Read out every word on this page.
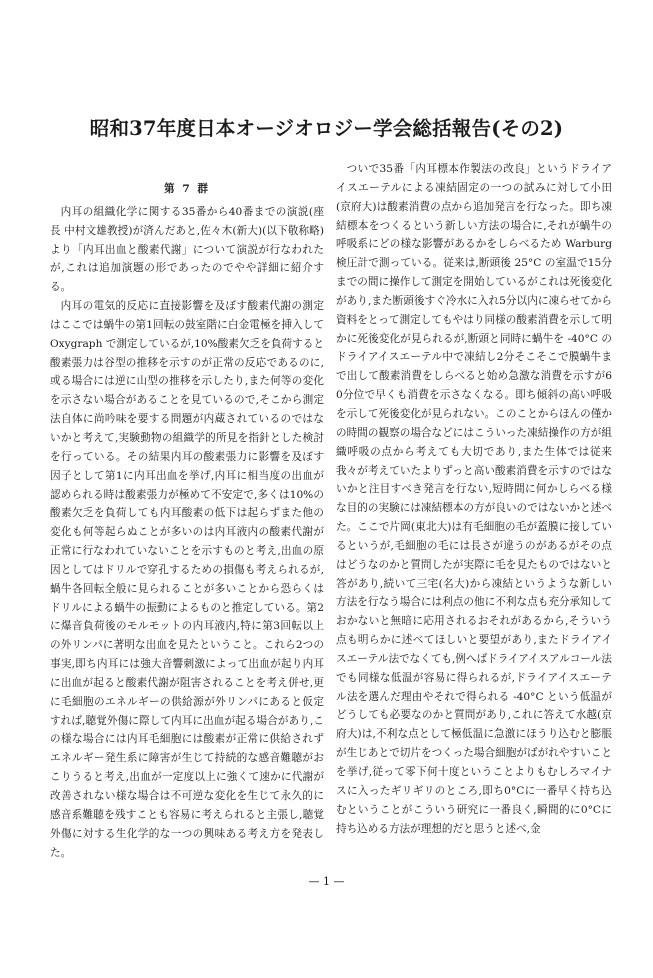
昭和37年度日本オージオロジー学会総括報告(その2)
第 7 群

内耳の組織化学に関する35番から40番までの演説(座長 中村文雄教授)が済んだあと,佐々木(新大)(以下敬称略)より「内耳出血と酸素代謝」について演説が行なわれたが,これは追加演題の形であったのでやや詳細に紹介する。

内耳の電気的反応に直接影響を及ぼす酸素代謝の測定はここでは蝸牛の第1回転の鼓室階に白金電極を挿入して Oxygraph で測定しているが,10%酸素欠乏を負荷すると酸素張力は谷型の推移を示すのが正常の反応であるのに,或る場合には逆に山型の推移を示したり,また何等の変化を示さない場合があることを見ているので,そこから測定法自体に尚吟味を要する問題が内蔵されているのではないかと考えて,実験動物の組織学的所見を指針とした検討を行っている。その結果内耳の酸素張力に影響を及ぼす因子として第1に内耳出血を挙げ,内耳に相当度の出血が認められる時は酸素張力が極めて不安定で,多くは10%の酸素欠乏を負荷しても内耳酸素の低下は起らずまた他の変化も何等起らぬことが多いのは内耳液内の酸素代謝が正常に行なわれていないことを示すものと考え,出血の原因としてはドリルで穿孔するための損傷も考えられるが,蝸牛各回転全般に見られることが多いことから恐らくはドリルによる蝸牛の振動によるものと推定している。第2に爆音負荷後のモルモットの内耳液内,特に第3回転以上の外リンパに著明な出血を見たということ。これら2つの事実,即ち内耳には強大音響刺激によって出血が起り内耳に出血が起ると酸素代謝が阻害されることを考え併せ,更に毛細胞のエネルギーの供給源が外リンパにあると仮定すれば,聴覚外傷に際して内耳に出血が起る場合があり,この様な場合には内耳毛細胞には酸素が正常に供給されずエネルギー発生系に障害が生じて持続的な感音難聴がおこりうると考え,出血が一定度以上に強くて速かに代謝が改善されない様な場合は不可逆な変化を生じて永久的に感音系難聴を残すことも容易に考えられると主張し,聴覚外傷に対する生化学的な一つの興味ある考え方を発表した。

ついで35番「内耳標本作製法の改良」というドライアイスエーテルによる凍結固定の一つの試みに対して小田(京府大)は酸素消費の点から追加発言を行なった。即ち凍結標本をつくるという新しい方法の場合に,それが蝸牛の呼吸系にどの様な影響があるかをしらべるため Warburg 検圧計で測っている。従来は,断頭後 25°C の室温で15分までの間に操作して測定を開始しているがこれは死後変化があり,また断頭後すぐ冷水に入れ5分以内に凍らせてから資料をとって測定してもやはり同様の酸素消費を示して明かに死後変化が見られるが,断頭と同時に蝸牛を -40°C のドライアイスエーテル中で凍結し2分そこそこで膜蝸牛まで出して酸素消費をしらべると始め急激な消費を示すが60分位で早くも消費を示さなくなる。即ち傾斜の高い呼吸を示して死後変化が見られない。このことからほんの僅かの時間の観察の場合などにはこういった凍結操作の方が組織呼吸の点から考えても大切であり,また生体では従来我々が考えていたよりずっと高い酸素消費を示すのではないかと注目すべき発言を行ない,短時間に何かしらべる様な目的の実験には凍結標本の方が良いのではないかと述べた。ここで片岡(東北大)は有毛細胞の毛が蓋膜に接しているというが,毛細胞の毛には長さが違うのがあるがその点はどうなのかと質問したが実際に毛を見たものではないと答があり,続いて三宅(名大)から凍結というような新しい方法を行なう場合には利点の他に不利な点も充分承知しておかないと無暗に応用されるおそれがあるから,そういう点も明らかに述べてほしいと要望があり,またドライアイスエーテル法でなくても,例へばドライアイスアルコール法でも同様な低温が容易に得られるが,ドライアイスエーテル法を選んだ理由やそれで得られる -40°C という低温がどうしても必要なのかと質問があり,これに答えて水越(京府大)は,不利な点として極低温に急激にほうり込むと膨脹が生じあとで切片をつくった場合細胞がばがれやすいことを挙げ,従って零下何十度ということよりもむしろマイナスに入ったギリギリのところ,即ち0°Cに一番早く持ち込むということがこういう研究に一番良く,瞬間的に0°Cに持ち込める方法が理想的だと思うと述べ,金

— 1 —
